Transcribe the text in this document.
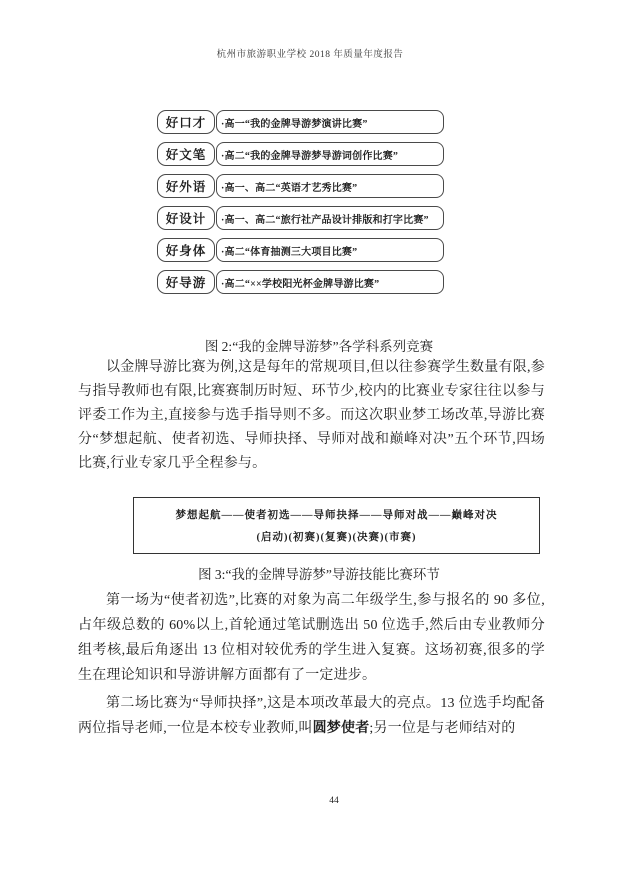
杭州市旅游职业学校 2018 年质量年度报告
好口才	·高一“我的金牌导游梦演讲比赛”
好文笔	·高二“我的金牌导游梦导游词创作比赛”
好外语	·高一、高二“英语才艺秀比赛”
好设计	·高一、高二“旅行社产品设计排版和打字比赛”
好身体	·高二“体育抽测三大项目比赛”
好导游	·高二“××学校阳光杯金牌导游比赛”
图 2:“我的金牌导游梦”各学科系列竞赛

以金牌导游比赛为例,这是每年的常规项目,但以往参赛学生数量有限,参与指导教师也有限,比赛赛制历时短、环节少,校内的比赛业专家往往以参与评委工作为主,直接参与选手指导则不多。而这次职业梦工场改革,导游比赛分“梦想起航、使者初选、导师抉择、导师对战和巅峰对决”五个环节,四场比赛,行业专家几乎全程参与。

梦想起航——使者初选——导师抉择——导师对战——巅峰对决
(启动)(初赛)(复赛)(决赛)(市赛)
图 3:“我的金牌导游梦”导游技能比赛环节

第一场为“使者初选”,比赛的对象为高二年级学生,参与报名的 90 多位,占年级总数的 60%以上,首轮通过笔试删选出 50 位选手,然后由专业教师分组考核,最后角逐出 13 位相对较优秀的学生进入复赛。这场初赛,很多的学生在理论知识和导游讲解方面都有了一定进步。

第二场比赛为“导师抉择”,这是本项改革最大的亮点。13 位选手均配备两位指导老师,一位是本校专业教师,叫圆梦使者;另一位是与老师结对的

44
